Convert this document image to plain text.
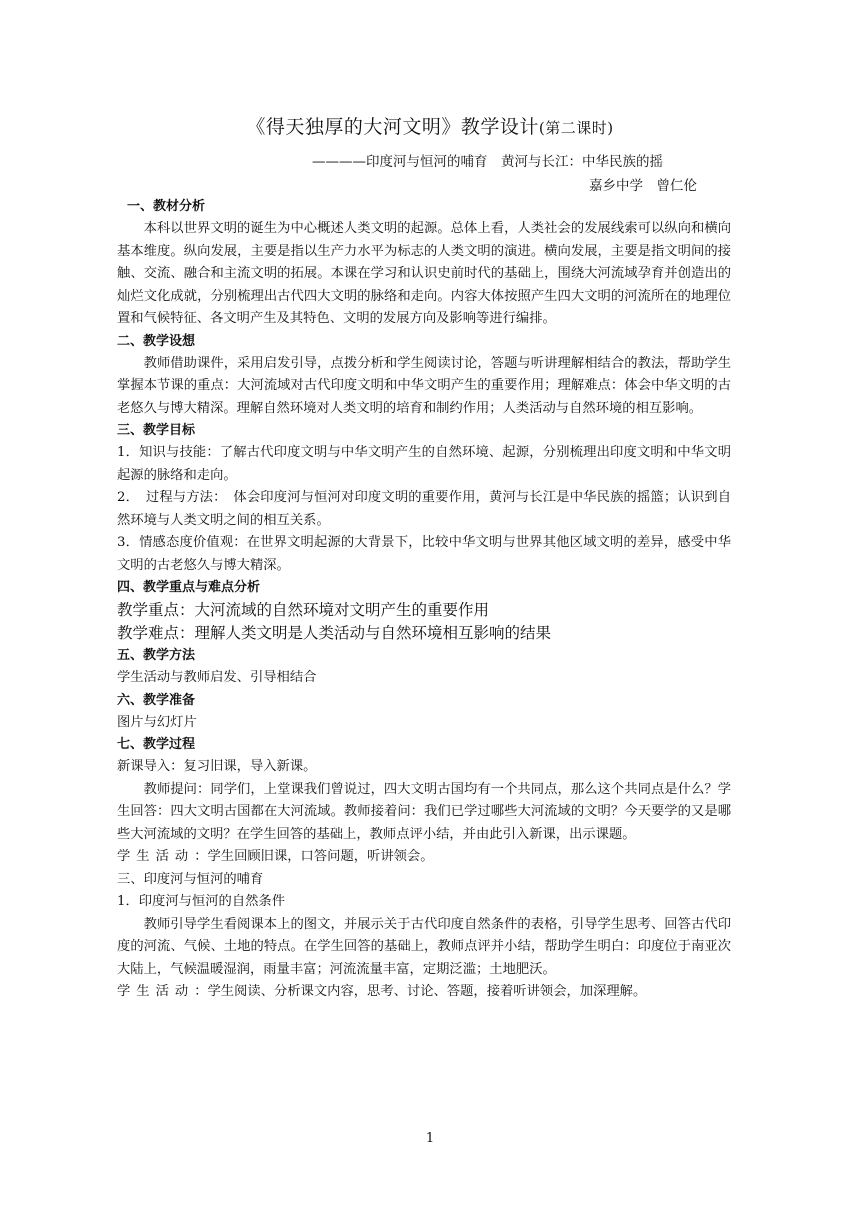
《得天独厚的大河文明》教学设计(第二课时)
————印度河与恒河的哺育　黄河与长江：中华民族的摇
嘉乡中学　曾仁伦

一、教材分析

本科以世界文明的诞生为中心概述人类文明的起源。总体上看，人类社会的发展线索可以纵向和横向基本维度。纵向发展，主要是指以生产力水平为标志的人类文明的演进。横向发展，主要是指文明间的接触、交流、融合和主流文明的拓展。本课在学习和认识史前时代的基础上，围绕大河流域孕育并创造出的灿烂文化成就，分别梳理出古代四大文明的脉络和走向。内容大体按照产生四大文明的河流所在的地理位置和气候特征、各文明产生及其特色、文明的发展方向及影响等进行编排。

二、教学设想

教师借助课件，采用启发引导，点拨分析和学生阅读讨论，答题与听讲理解相结合的教法，帮助学生掌握本节课的重点：大河流域对古代印度文明和中华文明产生的重要作用；理解难点：体会中华文明的古老悠久与博大精深。理解自然环境对人类文明的培育和制约作用；人类活动与自然环境的相互影响。

三、教学目标

1．知识与技能：了解古代印度文明与中华文明产生的自然环境、起源，分别梳理出印度文明和中华文明起源的脉络和走向。

2．　过程与方法：　体会印度河与恒河对印度文明的重要作用，黄河与长江是中华民族的摇篮；认识到自然环境与人类文明之间的相互关系。

3．情感态度价值观：在世界文明起源的大背景下，比较中华文明与世界其他区域文明的差异，感受中华文明的古老悠久与博大精深。

四、教学重点与难点分析

教学重点：大河流域的自然环境对文明产生的重要作用

教学难点：理解人类文明是人类活动与自然环境相互影响的结果

五、教学方法

学生活动与教师启发、引导相结合

六、教学准备

图片与幻灯片

七、教学过程

新课导入：复习旧课，导入新课。

教师提问：同学们，上堂课我们曾说过，四大文明古国均有一个共同点，那么这个共同点是什么？学生回答：四大文明古国都在大河流域。教师接着问：我们已学过哪些大河流域的文明？今天要学的又是哪些大河流域的文明？在学生回答的基础上，教师点评小结，并由此引入新课，出示课题。

学生活动：学生回顾旧课，口答问题，听讲领会。

三、印度河与恒河的哺育

1．印度河与恒河的自然条件

教师引导学生看阅课本上的图文，并展示关于古代印度自然条件的表格，引导学生思考、回答古代印度的河流、气候、土地的特点。在学生回答的基础上，教师点评并小结，帮助学生明白：印度位于南亚次大陆上，气候温暖湿润，雨量丰富；河流流量丰富，定期泛滥；土地肥沃。

学生活动：学生阅读、分析课文内容，思考、讨论、答题，接着听讲领会，加深理解。

1
